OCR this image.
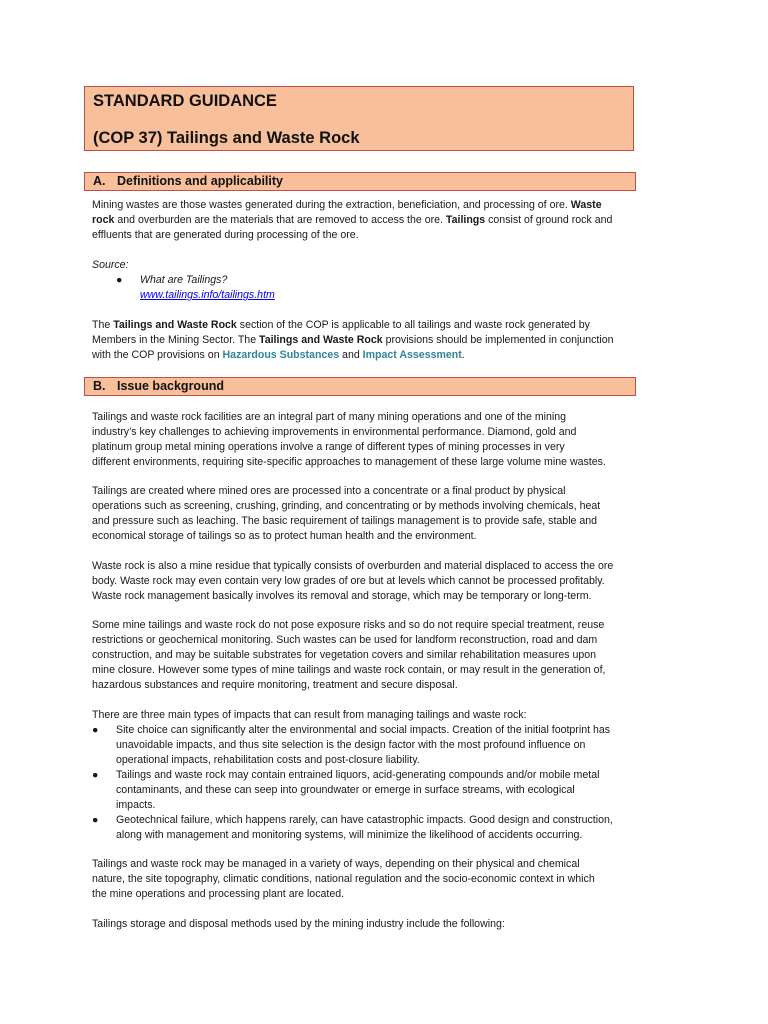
STANDARD GUIDANCE
(COP 37) Tailings and Waste Rock
A. Definitions and applicability

Mining wastes are those wastes generated during the extraction, beneficiation, and processing of ore. Waste
rock and overburden are the materials that are removed to access the ore. Tailings consist of ground rock and
effluents that are generated during processing of the ore.

Source:
● What are Tailings?
www.tailings.info/tailings.htm

The Tailings and Waste Rock section of the COP is applicable to all tailings and waste rock generated by
Members in the Mining Sector. The Tailings and Waste Rock provisions should be implemented in conjunction
with the COP provisions on Hazardous Substances and Impact Assessment.

B. Issue background

Tailings and waste rock facilities are an integral part of many mining operations and one of the mining
industry’s key challenges to achieving improvements in environmental performance. Diamond, gold and
platinum group metal mining operations involve a range of different types of mining processes in very
different environments, requiring site-specific approaches to management of these large volume mine wastes.

Tailings are created where mined ores are processed into a concentrate or a final product by physical
operations such as screening, crushing, grinding, and concentrating or by methods involving chemicals, heat
and pressure such as leaching. The basic requirement of tailings management is to provide safe, stable and
economical storage of tailings so as to protect human health and the environment.

Waste rock is also a mine residue that typically consists of overburden and material displaced to access the ore
body. Waste rock may even contain very low grades of ore but at levels which cannot be processed profitably.
Waste rock management basically involves its removal and storage, which may be temporary or long-term.

Some mine tailings and waste rock do not pose exposure risks and so do not require special treatment, reuse
restrictions or geochemical monitoring. Such wastes can be used for landform reconstruction, road and dam
construction, and may be suitable substrates for vegetation covers and similar rehabilitation measures upon
mine closure. However some types of mine tailings and waste rock contain, or may result in the generation of,
hazardous substances and require monitoring, treatment and secure disposal.

There are three main types of impacts that can result from managing tailings and waste rock:
● Site choice can significantly alter the environmental and social impacts. Creation of the initial footprint has
unavoidable impacts, and thus site selection is the design factor with the most profound influence on
operational impacts, rehabilitation costs and post-closure liability.
● Tailings and waste rock may contain entrained liquors, acid-generating compounds and/or mobile metal
contaminants, and these can seep into groundwater or emerge in surface streams, with ecological
impacts.
● Geotechnical failure, which happens rarely, can have catastrophic impacts. Good design and construction,
along with management and monitoring systems, will minimize the likelihood of accidents occurring.

Tailings and waste rock may be managed in a variety of ways, depending on their physical and chemical
nature, the site topography, climatic conditions, national regulation and the socio-economic context in which
the mine operations and processing plant are located.

Tailings storage and disposal methods used by the mining industry include the following:
